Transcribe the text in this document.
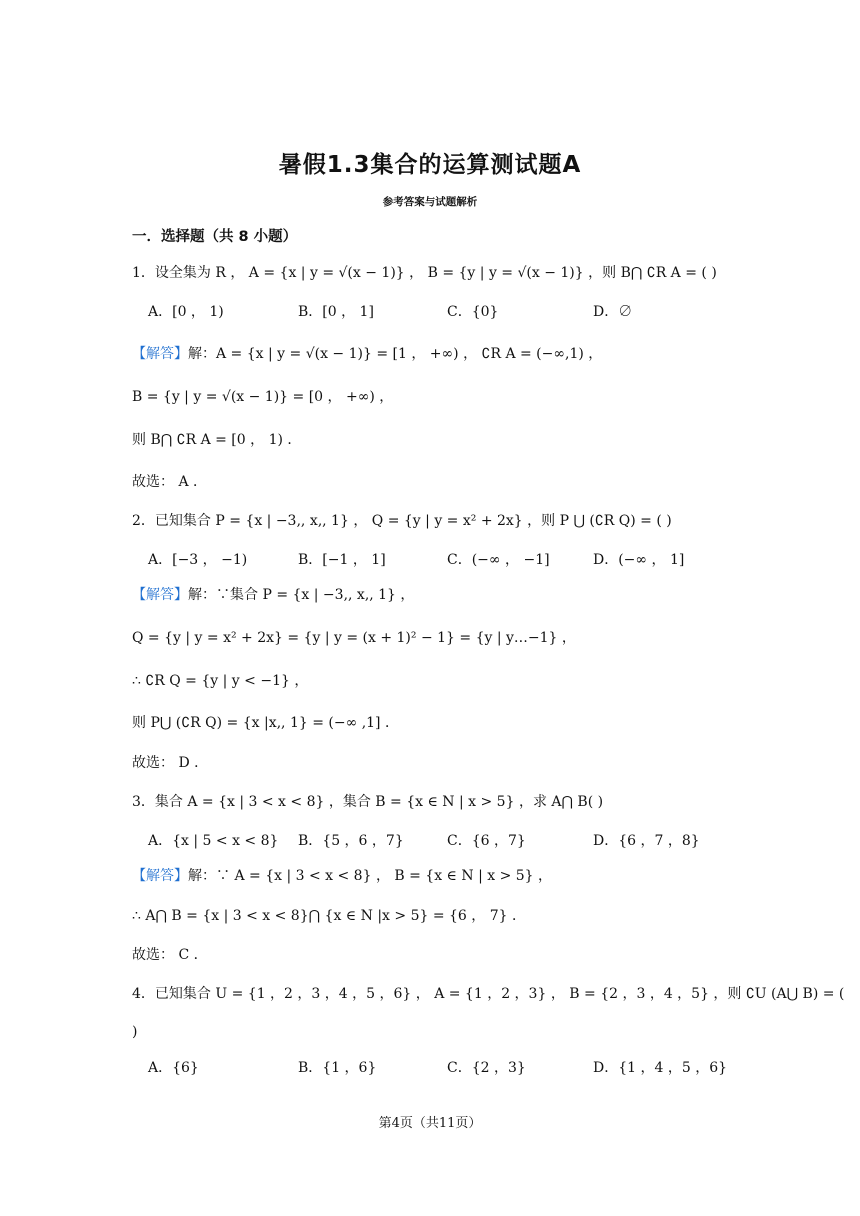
暑假1.3集合的运算测试题A
参考答案与试题解析
一．选择题（共 8 小题）
1．设全集为 R ， A = {x | y = √(x − 1)} ， B = {y | y = √(x − 1)} ，则 B⋂ ∁R A = ( )
A．[0 ， 1)	B．[0 ， 1]	C．{0}	D．∅
【解答】解：A = {x | y = √(x − 1)} = [1 ， +∞) ， ∁R A = (−∞,1) ，
B = {y | y = √(x − 1)} = [0 ， +∞) ，
则 B⋂ ∁R A = [0 ， 1) ．
故选： A ．
2．已知集合 P = {x | −3‚, x‚, 1} ， Q = {y | y = x² + 2x} ，则 P ⋃ (∁R Q) = ( )
A．[−3 ， −1)	B．[−1 ， 1]	C．(−∞ ， −1]	D．(−∞ ， 1]
【解答】解：∵集合 P = {x | −3‚, x‚, 1} ，
Q = {y | y = x² + 2x} = {y | y = (x + 1)² − 1} = {y | y…−1} ，
∴ ∁R Q = {y | y < −1} ，
则 P⋃ (∁R Q) = {x |x‚, 1} = (−∞ ,1] ．
故选： D ．
3．集合 A = {x | 3 < x < 8} ，集合 B = {x ∈ N | x > 5} ，求 A⋂ B( )
A．{x | 5 < x < 8} B．{5 ，6 ，7}	C．{6 ，7}	D．{6 ，7 ，8}
【解答】解：∵ A = {x | 3 < x < 8} ， B = {x ∈ N | x > 5} ，
∴ A⋂ B = {x | 3 < x < 8}⋂ {x ∈ N |x > 5} = {6 ， 7} ．
故选： C ．
4．已知集合 U = {1 ，2 ，3 ，4 ，5 ，6} ， A = {1 ，2 ，3} ， B = {2 ，3 ，4 ，5} ，则 ∁U (A⋃ B) = (
)
A．{6}	B．{1 ，6}	C．{2 ，3}	D．{1 ，4 ，5 ，6}
第4页（共11页）
